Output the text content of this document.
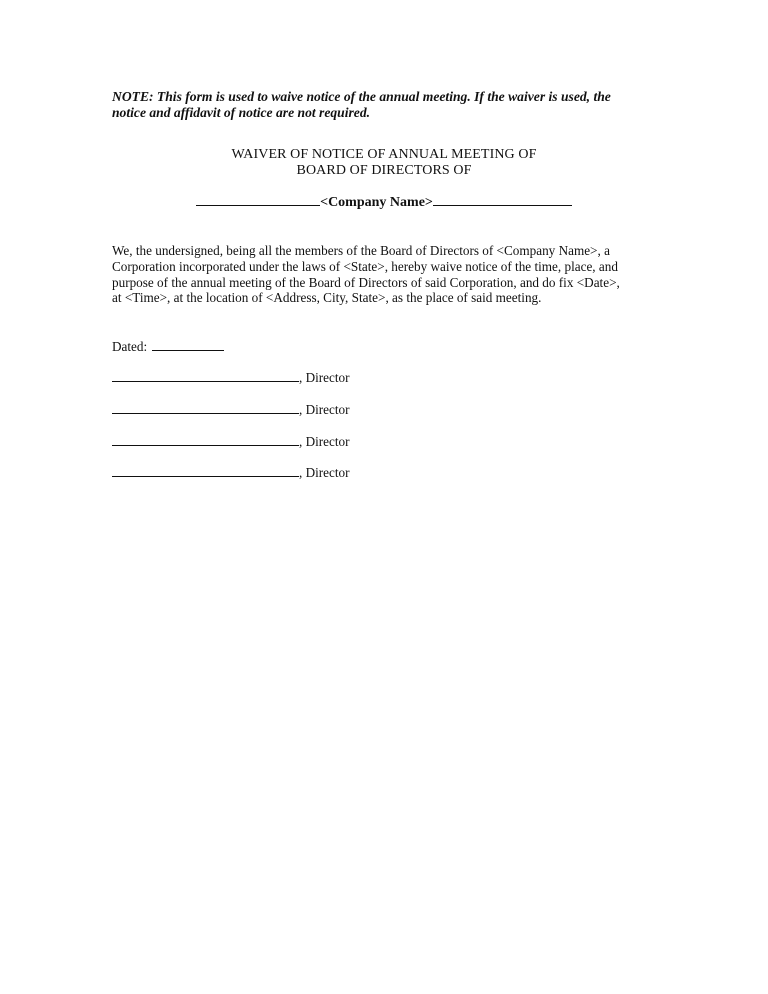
NOTE: This form is used to waive notice of the annual meeting. If the waiver is used, the
notice and affidavit of notice are not required.
WAIVER OF NOTICE OF ANNUAL MEETING OF
BOARD OF DIRECTORS OF
<Company Name>
We, the undersigned, being all the members of the Board of Directors of <Company Name>, a
Corporation incorporated under the laws of <State>, hereby waive notice of the time, place, and
purpose of the annual meeting of the Board of Directors of said Corporation, and do fix <Date>,
at <Time>, at the location of <Address, City, State>, as the place of said meeting.
Dated:
, Director
, Director
, Director
, Director
